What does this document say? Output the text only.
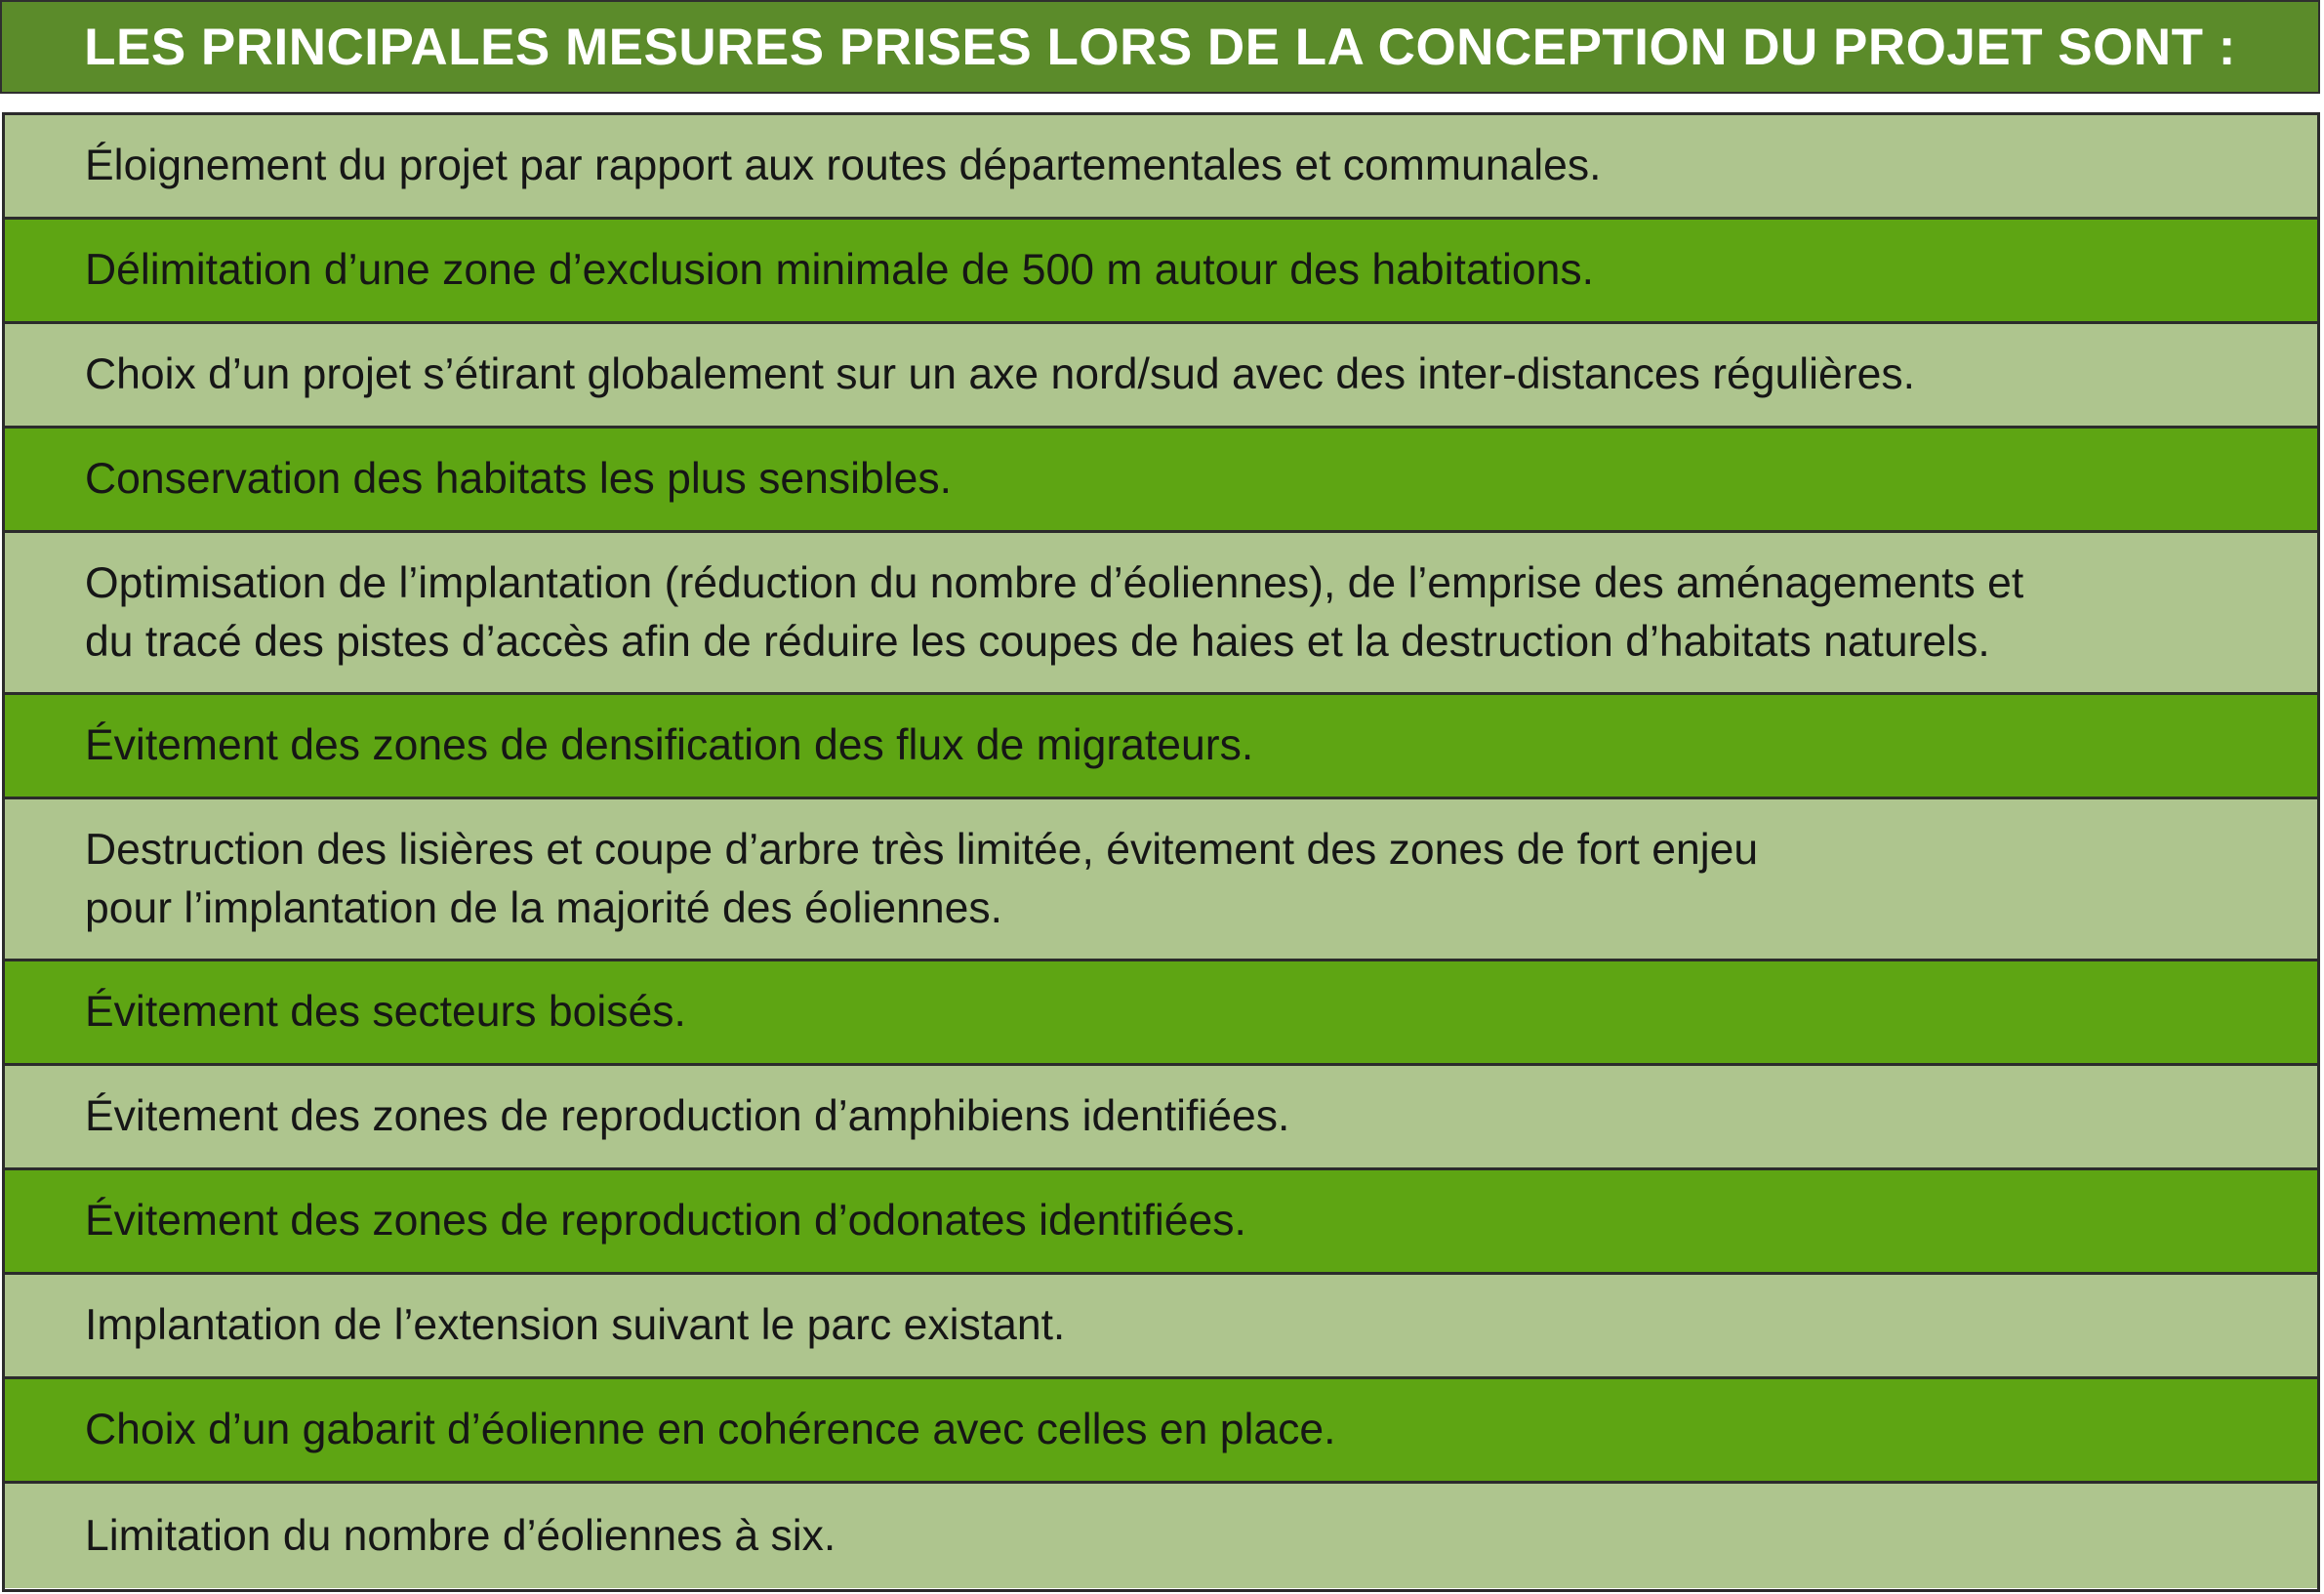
LES PRINCIPALES MESURES PRISES LORS DE LA CONCEPTION DU PROJET SONT :
Éloignement du projet par rapport aux routes départementales et communales.
Délimitation d’une zone d’exclusion minimale de 500 m autour des habitations.
Choix d’un projet s’étirant globalement sur un axe nord/sud avec des inter-distances régulières.
Conservation des habitats les plus sensibles.
Optimisation de l’implantation (réduction du nombre d’éoliennes), de l’emprise des aménagements et
du tracé des pistes d’accès afin de réduire les coupes de haies et la destruction d’habitats naturels.
Évitement des zones de densification des flux de migrateurs.
Destruction des lisières et coupe d’arbre très limitée, évitement des zones de fort enjeu
pour l’implantation de la majorité des éoliennes.
Évitement des secteurs boisés.
Évitement des zones de reproduction d’amphibiens identifiées.
Évitement des zones de reproduction d’odonates identifiées.
Implantation de l’extension suivant le parc existant.
Choix d’un gabarit d’éolienne en cohérence avec celles en place.
Limitation du nombre d’éoliennes à six.
